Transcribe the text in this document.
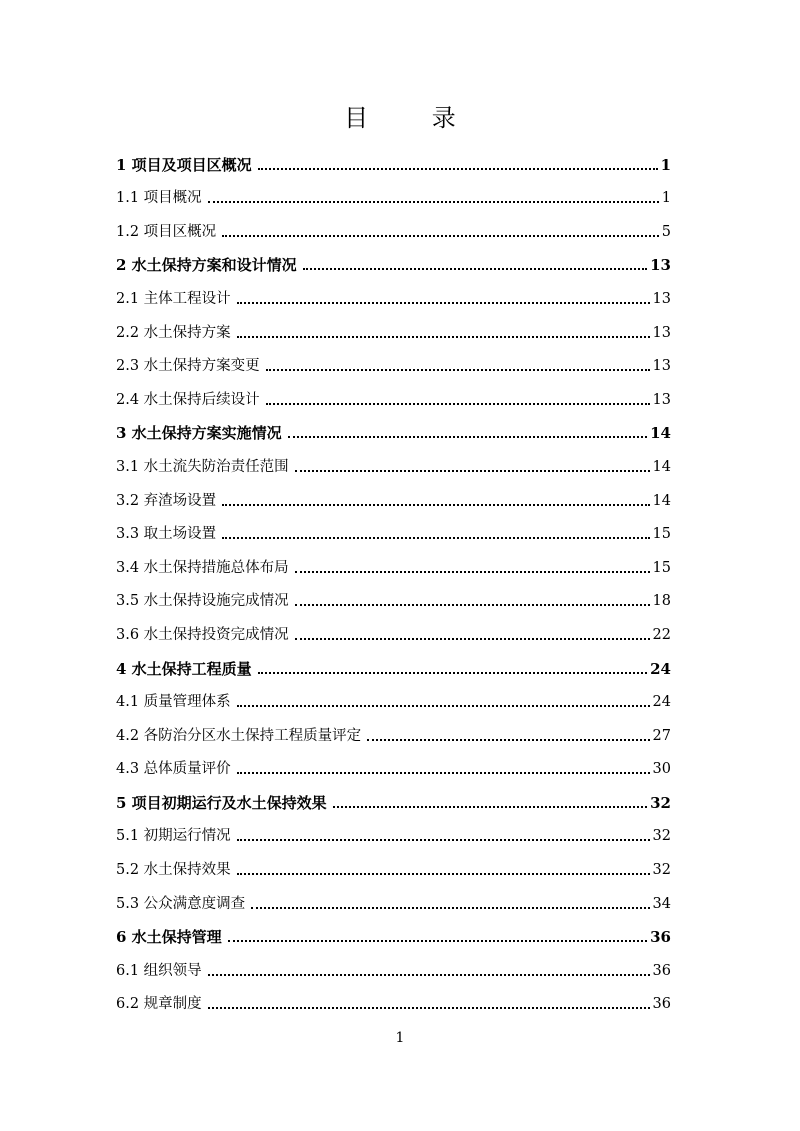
目 录
1 项目及项目区概况	1
1.1 项目概况	1
1.2 项目区概况	5
2 水土保持方案和设计情况	13
2.1 主体工程设计	13
2.2 水土保持方案	13
2.3 水土保持方案变更	13
2.4 水土保持后续设计	13
3 水土保持方案实施情况	14
3.1 水土流失防治责任范围	14
3.2 弃渣场设置	14
3.3 取土场设置	15
3.4 水土保持措施总体布局	15
3.5 水土保持设施完成情况	18
3.6 水土保持投资完成情况	22
4 水土保持工程质量	24
4.1 质量管理体系	24
4.2 各防治分区水土保持工程质量评定	27
4.3 总体质量评价	30
5 项目初期运行及水土保持效果	32
5.1 初期运行情况	32
5.2 水土保持效果	32
5.3 公众满意度调查	34
6 水土保持管理	36
6.1 组织领导	36
6.2 规章制度	36
1
